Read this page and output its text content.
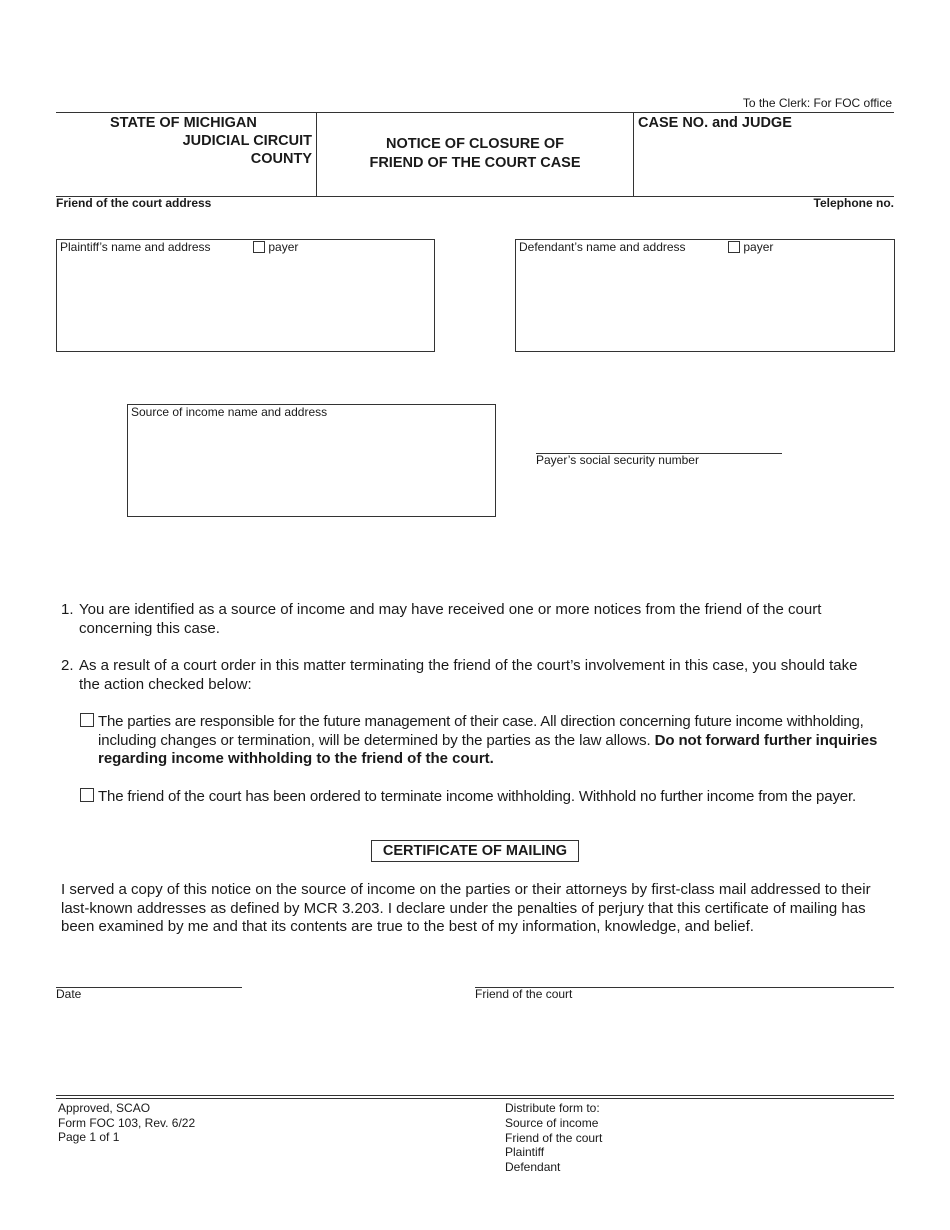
To the Clerk: For FOC office
STATE OF MICHIGAN
JUDICIAL CIRCUIT
COUNTY
NOTICE OF CLOSURE OF
FRIEND OF THE COURT CASE
CASE NO. and JUDGE
Friend of the court address	Telephone no.
Plaintiff’s name and address	payer	Defendant’s name and address	payer
Source of income name and address
Payer’s social security number
1. You are identified as a source of income and may have received one or more notices from the friend of the court
concerning this case.
2. As a result of a court order in this matter terminating the friend of the court’s involvement in this case, you should take
the action checked below:
The parties are responsible for the future management of their case. All direction concerning future income withholding,
including changes or termination, will be determined by the parties as the law allows. Do not forward further inquiries
regarding income withholding to the friend of the court.
The friend of the court has been ordered to terminate income withholding. Withhold no further income from the payer.
CERTIFICATE OF MAILING
I served a copy of this notice on the source of income on the parties or their attorneys by first-class mail addressed to their
last-known addresses as defined by MCR 3.203. I declare under the penalties of perjury that this certificate of mailing has
been examined by me and that its contents are true to the best of my information, knowledge, and belief.
Date	Friend of the court
Approved, SCAO
Form FOC 103, Rev. 6/22
Page 1 of 1
Distribute form to:
Source of income
Friend of the court
Plaintiff
Defendant
